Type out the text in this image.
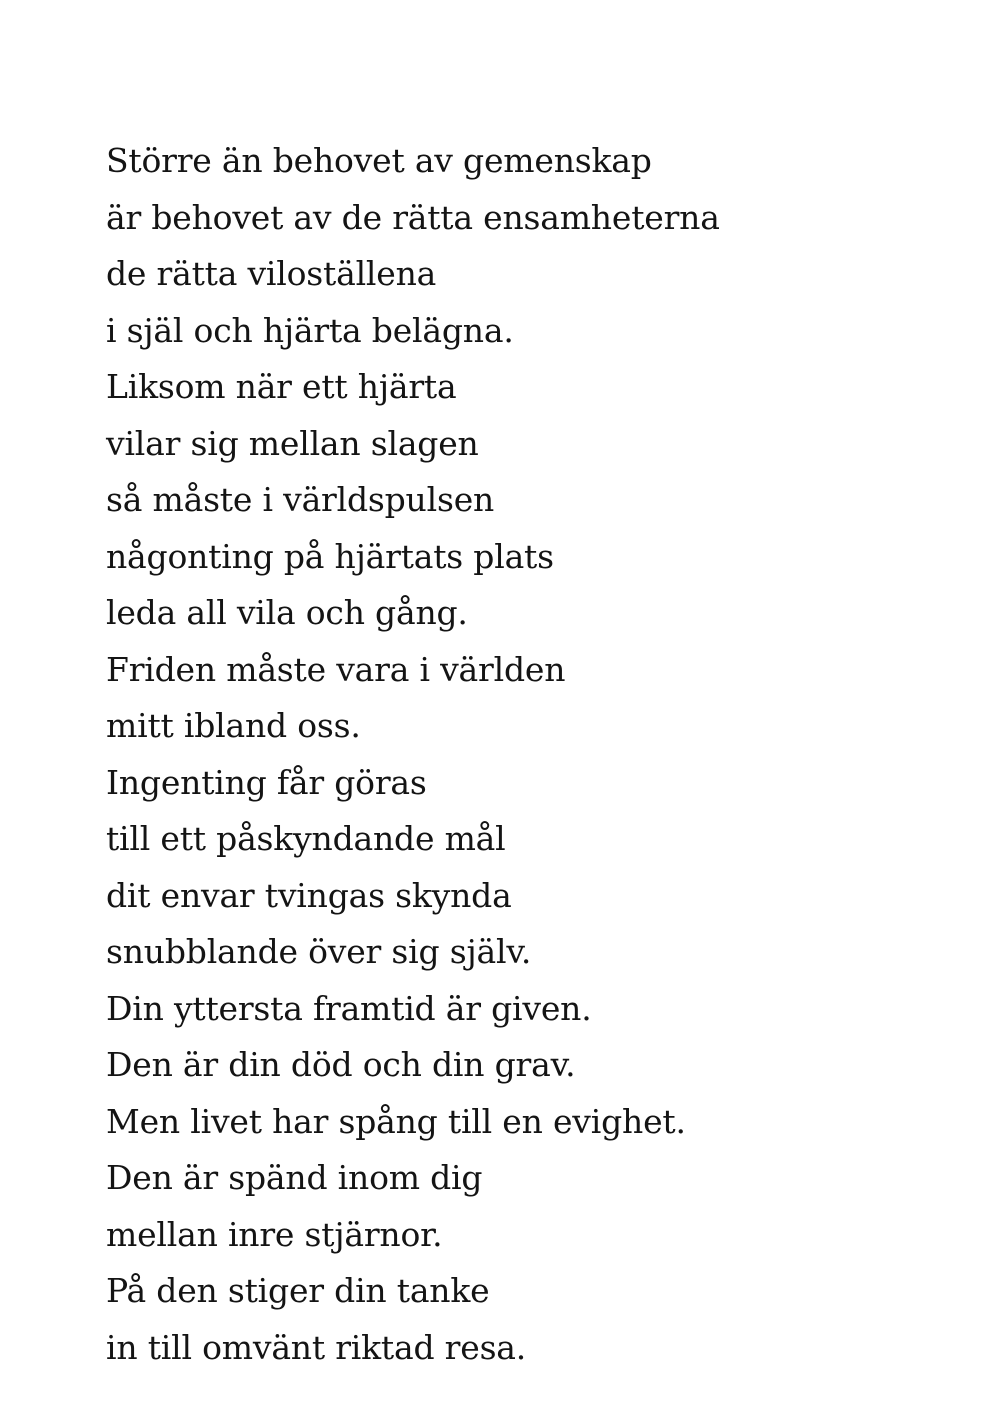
Större än behovet av gemenskap
är behovet av de rätta ensamheterna
de rätta viloställena
i själ och hjärta belägna.
Liksom när ett hjärta
vilar sig mellan slagen
så måste i världspulsen
någonting på hjärtats plats
leda all vila och gång.
Friden måste vara i världen
mitt ibland oss.
Ingenting får göras
till ett påskyndande mål
dit envar tvingas skynda
snubblande över sig själv.
Din yttersta framtid är given.
Den är din död och din grav.
Men livet har spång till en evighet.
Den är spänd inom dig
mellan inre stjärnor.
På den stiger din tanke
in till omvänt riktad resa.
